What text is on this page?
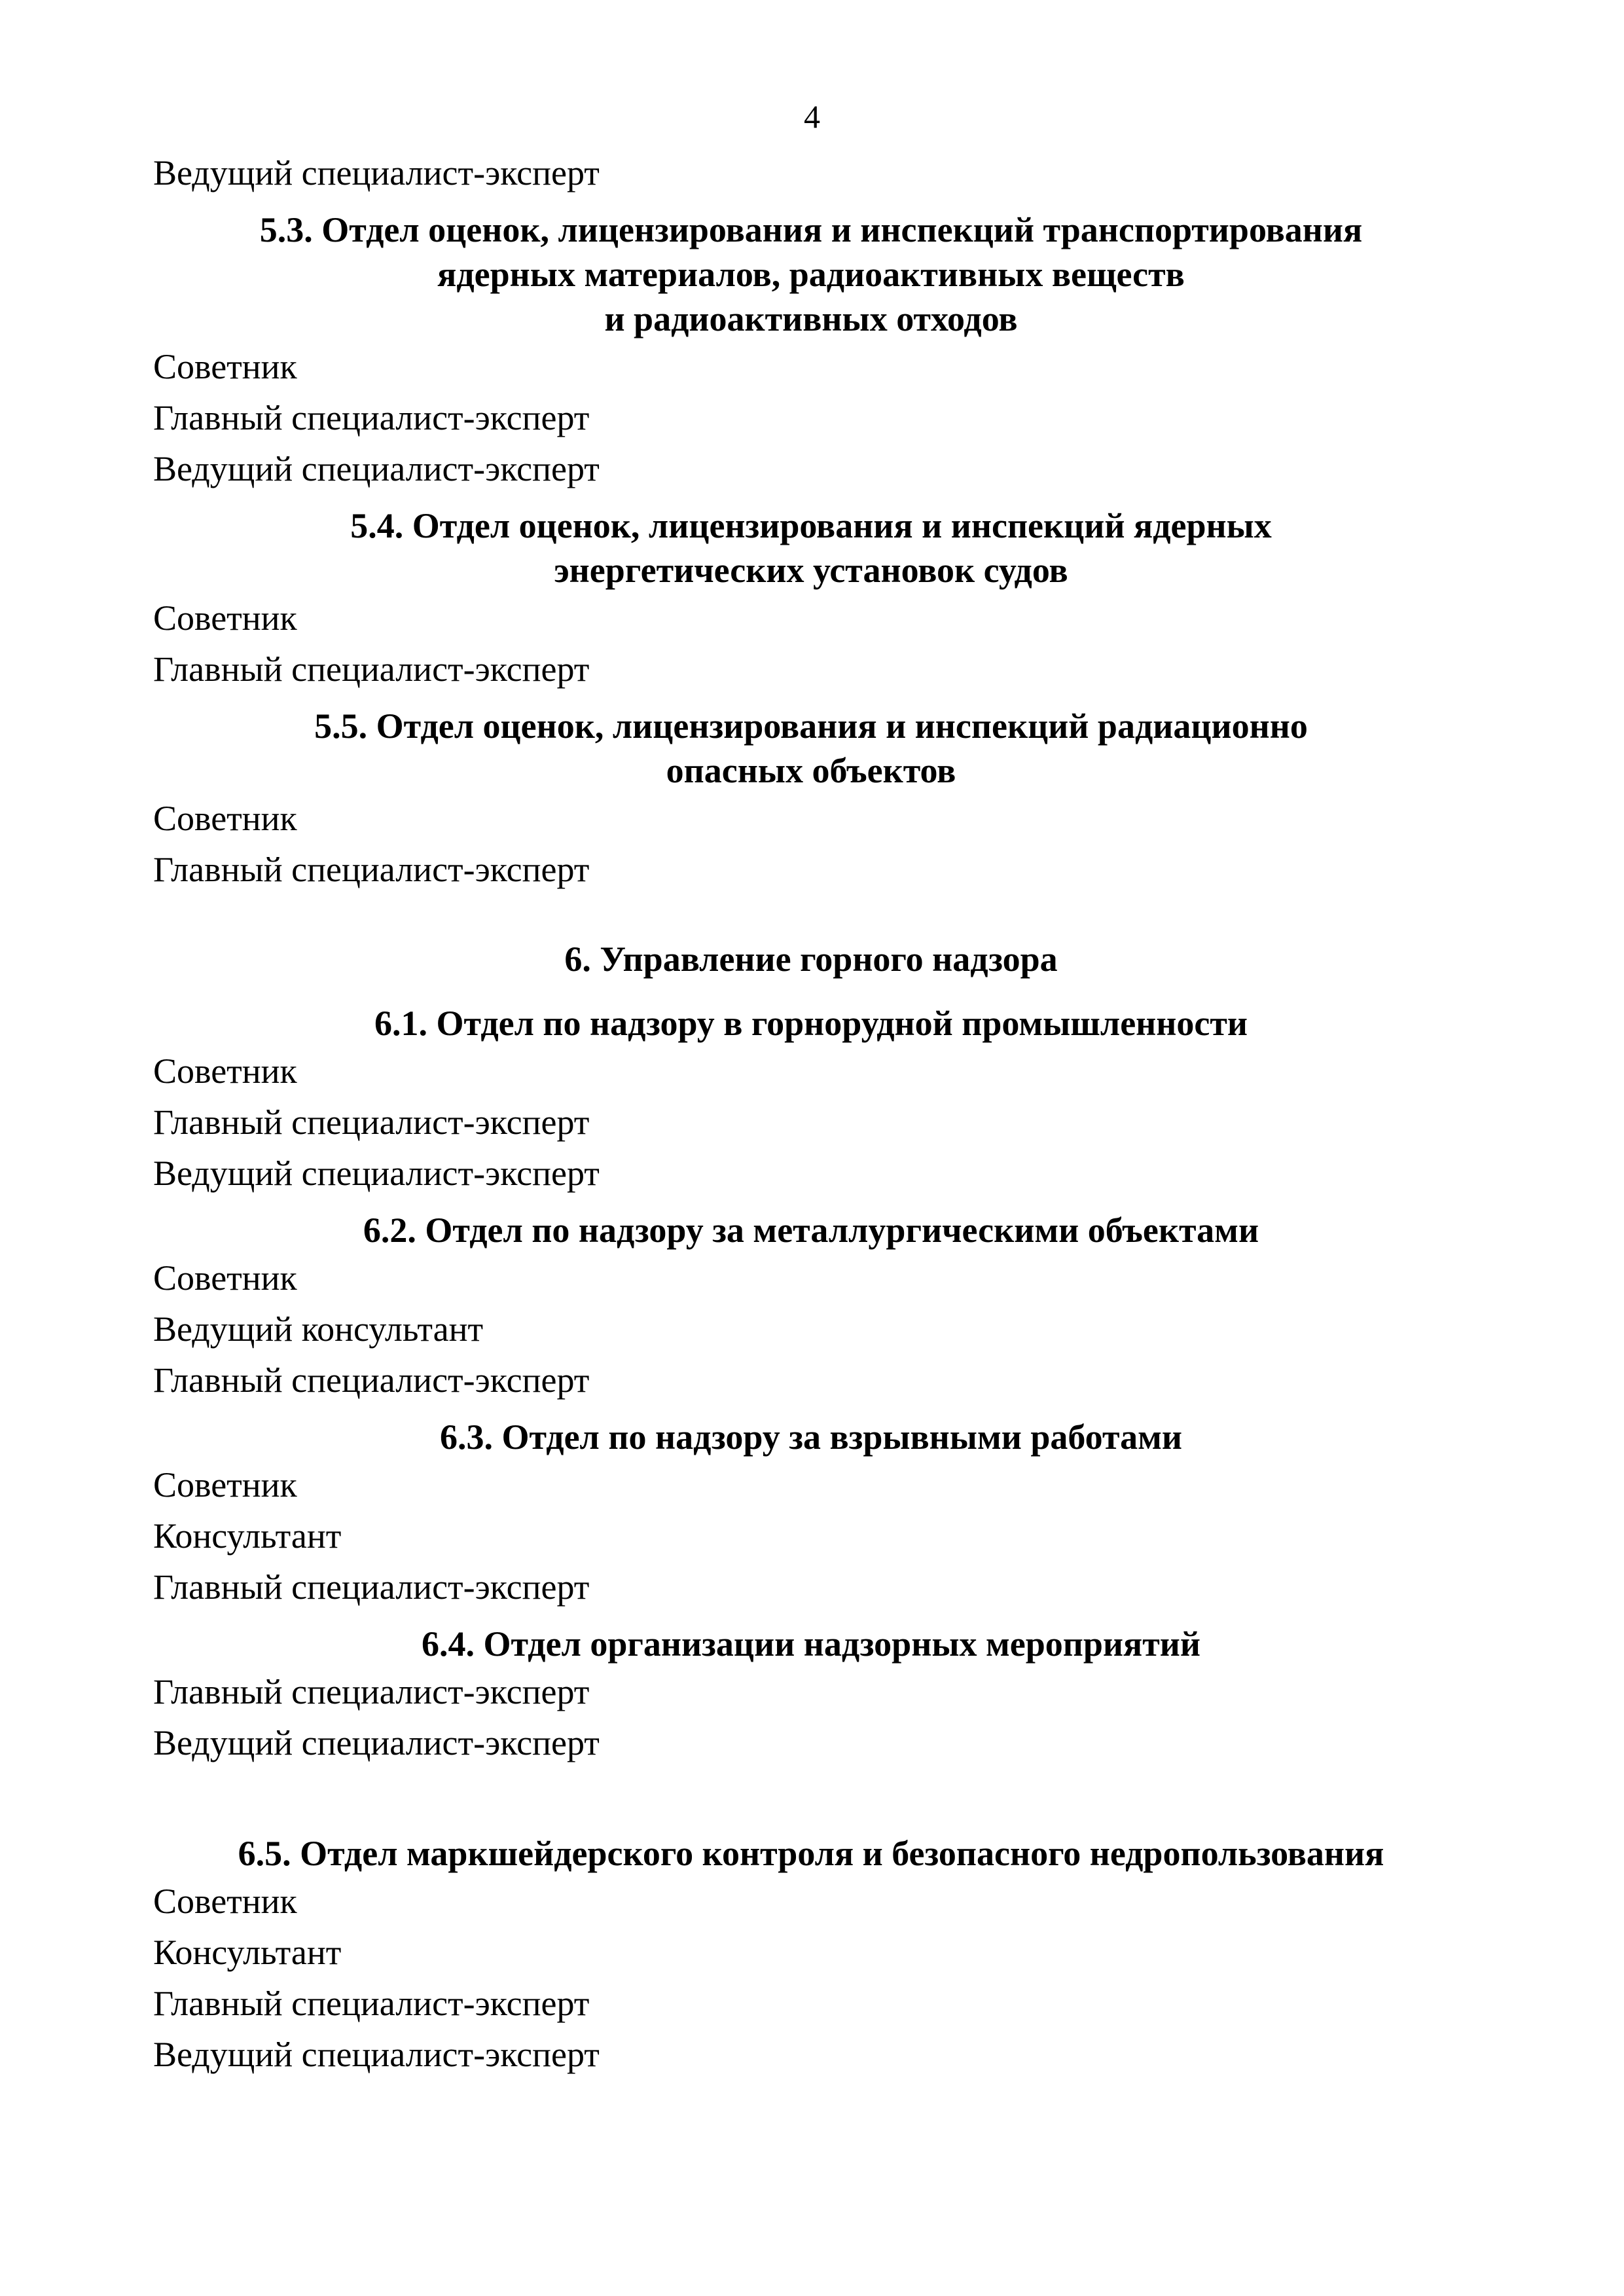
4
Ведущий специалист-эксперт
5.3. Отдел оценок, лицензирования и инспекций транспортирования
ядерных материалов, радиоактивных веществ
и радиоактивных отходов
Советник
Главный специалист-эксперт
Ведущий специалист-эксперт
5.4. Отдел оценок, лицензирования и инспекций ядерных
энергетических установок судов
Советник
Главный специалист-эксперт
5.5. Отдел оценок, лицензирования и инспекций радиационно
опасных объектов
Советник
Главный специалист-эксперт
6. Управление горного надзора
6.1. Отдел по надзору в горнорудной промышленности
Советник
Главный специалист-эксперт
Ведущий специалист-эксперт
6.2. Отдел по надзору за металлургическими объектами
Советник
Ведущий консультант
Главный специалист-эксперт
6.3. Отдел по надзору за взрывными работами
Советник
Консультант
Главный специалист-эксперт
6.4. Отдел организации надзорных мероприятий
Главный специалист-эксперт
Ведущий специалист-эксперт
6.5. Отдел маркшейдерского контроля и безопасного недропользования
Советник
Консультант
Главный специалист-эксперт
Ведущий специалист-эксперт
